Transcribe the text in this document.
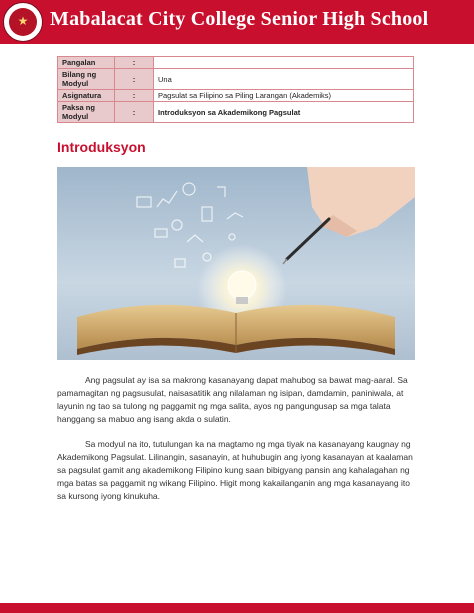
★	Mabalacat City College Senior High School
Pangalan	:	
Bilang ng Modyul	:	Una
Asignatura	:	Pagsulat sa Filipino sa Piling Larangan (Akademiks)
Paksa ng Modyul	:	Introduksyon sa Akademikong Pagsulat
Introduksyon

Ang pagsulat ay isa sa makrong kasanayang dapat mahubog sa bawat mag-aaral. Sa pamamagitan ng pagsusulat, naisasatitik ang nilalaman ng isipan, damdamin, paniniwala, at layunin ng tao sa tulong ng paggamit ng mga salita, ayos ng pangungusap sa mga talata hanggang sa mabuo ang isang akda o sulatin.

Sa modyul na ito, tutulungan ka na magtamo ng mga tiyak na kasanayang kaugnay ng Akademikong Pagsulat. Lilinangin, sasanayin, at huhubugin ang iyong kasanayan at kaalaman sa pagsulat gamit ang akademikong Filipino kung saan bibigyang pansin ang kahalagahan ng mga batas sa paggamit ng wikang Filipino. Higit mong kakailanganin ang mga kasanayang ito sa kursong iyong kinukuha.
